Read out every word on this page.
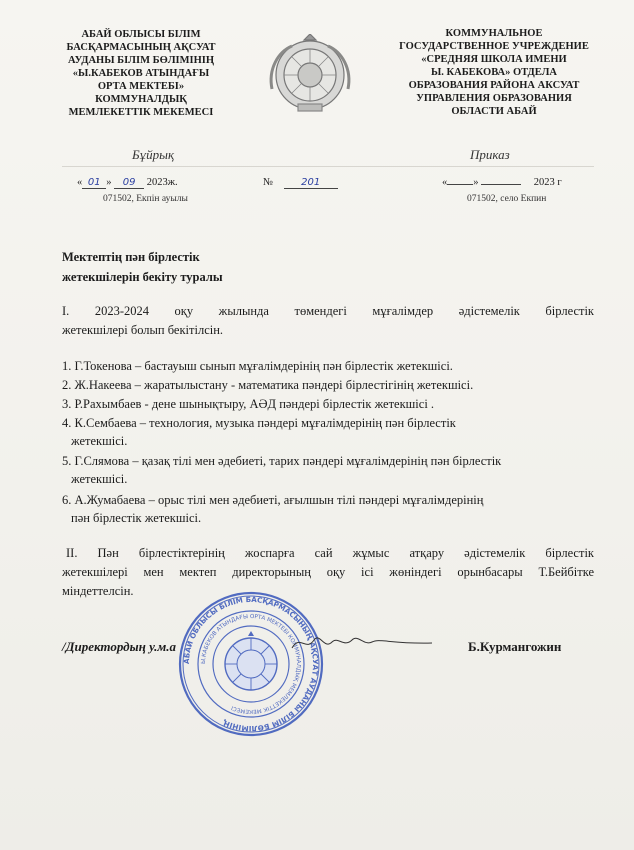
АБАЙ ОБЛЫСЫ БІЛІМ
БАСҚАРМАСЫНЫҢ АҚСУАТ
АУДАНЫ БІЛІМ БӨЛІМІНІҢ
«Ы.КАБЕКОВ АТЫНДАҒЫ
ОРТА МЕКТЕБІ»
КОММУНАЛДЫҚ
МЕМЛЕКЕТТІК МЕКЕМЕСІ
КОММУНАЛЬНОЕ
ГОСУДАРСТВЕННОЕ УЧРЕЖДЕНИЕ
«СРЕДНЯЯ ШКОЛА ИМЕНИ
Ы. КАБЕКОВА» ОТДЕЛА
ОБРАЗОВАНИЯ РАЙОНА АКСУАТ
УПРАВЛЕНИЯ ОБРАЗОВАНИЯ
ОБЛАСТИ АБАЙ
Бұйрық	Приказ
« 01 » 09 2023ж.	№	201	« »	2023 г
071502, Екпін ауылы	071502, село Екпин
Мектептің пән бірлестік
жетекшілерін бекіту туралы
I. 2023-2024 оқу жылында төмендегі мұғалімдер әдістемелік бірлестік
жетекшілері болып бекітілсін.
1. Г.Токенова – бастауыш сынып мұғалімдерінің пән бірлестік жетекшісі.
2. Ж.Накеева – жаратылыстану - математика пәндері бірлестігінің жетекшісі.
3. Р.Рахымбаев - дене шынықтыру, АӘД пәндері бірлестік жетекшісі .
4. К.Сембаева – технология, музыка пәндері мұғалімдерінің пән бірлестік
жетекшісі.
5. Г.Слямова – қазақ тілі мен әдебиеті, тарих пәндері мұғалімдерінің пән бірлестік
жетекшісі.
6. А.Жумабаева – орыс тілі мен әдебиеті, ағылшын тілі пәндері мұғалімдерінің
пән бірлестік жетекшісі.
II. Пән бірлестіктерінің жоспарға сай жұмыс атқару әдістемелік бірлестік
жетекшілері мен мектеп директорының оқу ісі жөніндегі орынбасары Т.Бейбітке
міндеттелсін.
АБАЙ ОБЛЫСЫ БІЛІМ БАСҚАРМАСЫНЫҢ АҚСУАТ АУДАНЫ БІЛІМ БӨЛІМІНІҢ
Ы.КАБЕКОВ АТЫНДАҒЫ ОРТА МЕКТЕБІ КОММУНАЛДЫҚ МЕМЛЕКЕТТІК МЕКЕМЕСІ
/Директордың у.м.а	Б.Курмангожин
